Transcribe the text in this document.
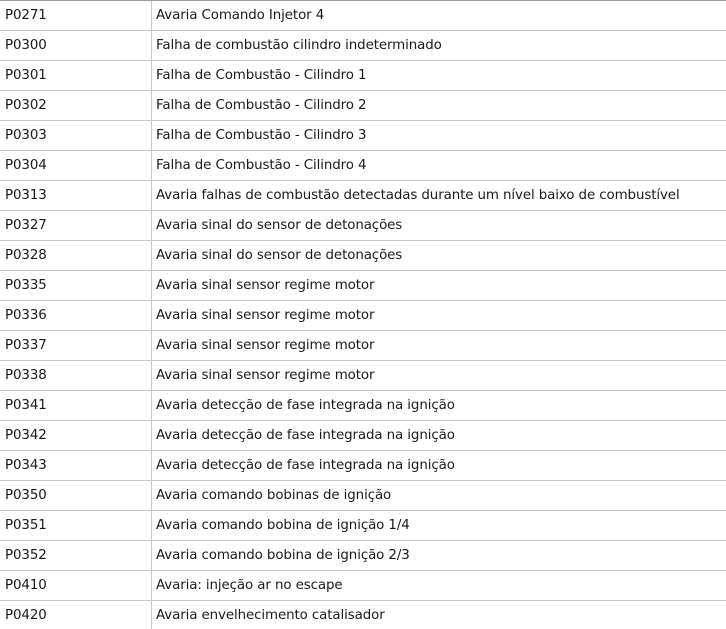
P0271	Avaria Comando Injetor 4
P0300	Falha de combustão cilindro indeterminado
P0301	Falha de Combustão - Cilindro 1
P0302	Falha de Combustão - Cilindro 2
P0303	Falha de Combustão - Cilindro 3
P0304	Falha de Combustão - Cilindro 4
P0313	Avaria falhas de combustão detectadas durante um nível baixo de combustível
P0327	Avaria sinal do sensor de detonações
P0328	Avaria sinal do sensor de detonações
P0335	Avaria sinal sensor regime motor
P0336	Avaria sinal sensor regime motor
P0337	Avaria sinal sensor regime motor
P0338	Avaria sinal sensor regime motor
P0341	Avaria detecção de fase integrada na ignição
P0342	Avaria detecção de fase integrada na ignição
P0343	Avaria detecção de fase integrada na ignição
P0350	Avaria comando bobinas de ignição
P0351	Avaria comando bobina de ignição 1/4
P0352	Avaria comando bobina de ignição 2/3
P0410	Avaria: injeção ar no escape
P0420	Avaria envelhecimento catalisador
